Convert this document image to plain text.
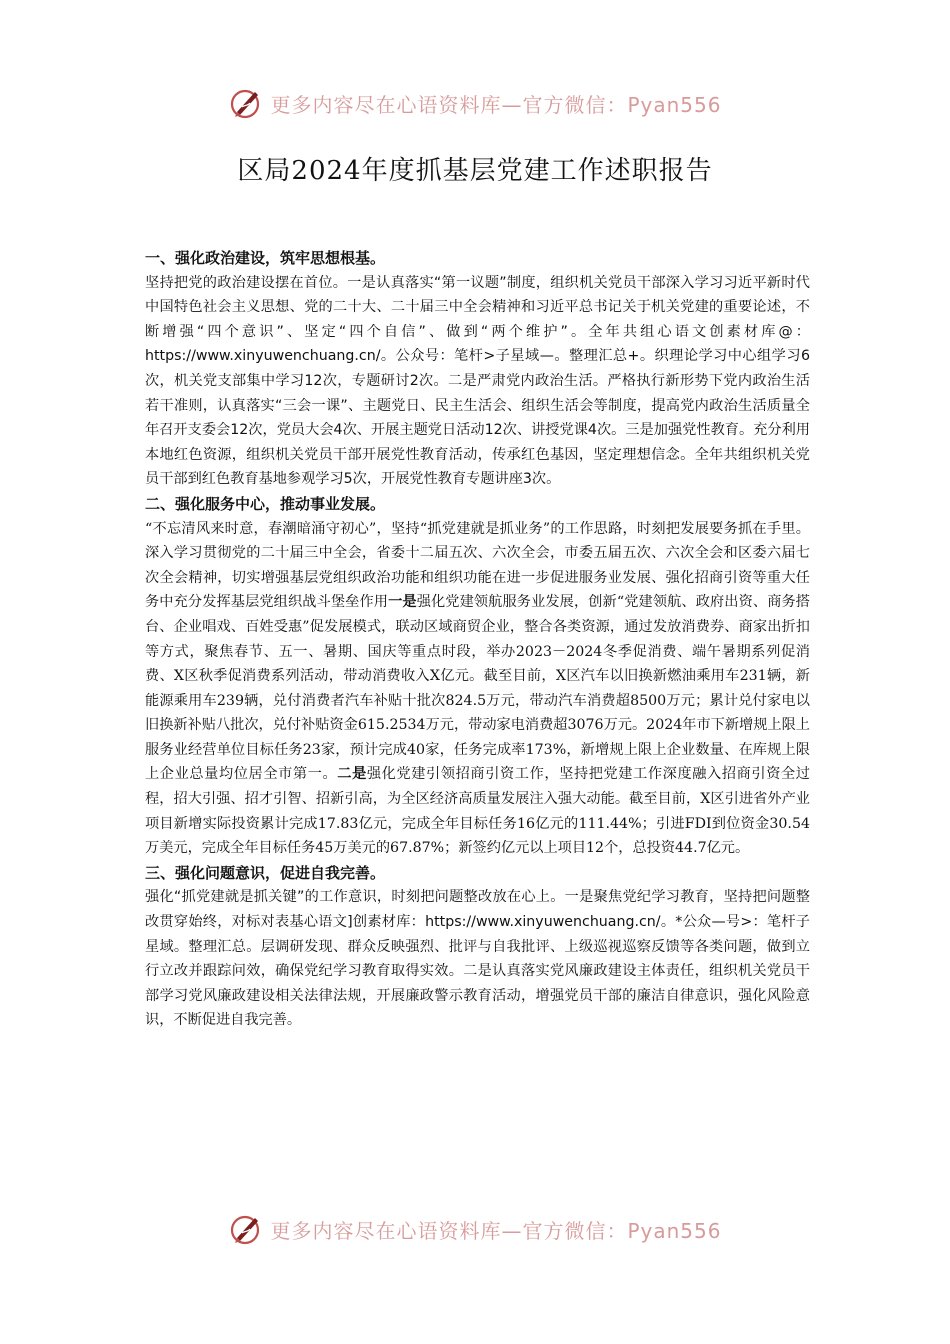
更多内容尽在心语资料库—官方微信：Pyan556
区局2024年度抓基层党建工作述职报告

一、强化政治建设，筑牢思想根基。

坚持把党的政治建设摆在首位。一是认真落实“第一议题”制度，组织机关党员干部深入学习习近平新时代中国特色社会主义思想、党的二十大、二十届三中全会精神和习近平总书记关于机关党建的重要论述，不断增强“四个意识”、坚定“四个自信”、做到“两个维护”。全年共组心语文创素材库@：https://www.xinyuwenchuang.cn/。公众号：笔杆>子星域—。整理汇总+。织理论学习中心组学习6次，机关党支部集中学习12次，专题研讨2次。二是严肃党内政治生活。严格执行新形势下党内政治生活若干准则，认真落实“三会一课”、主题党日、民主生活会、组织生活会等制度，提高党内政治生活质量全年召开支委会12次，党员大会4次、开展主题党日活动12次、讲授党课4次。三是加强党性教育。充分利用本地红色资源，组织机关党员干部开展党性教育活动，传承红色基因，坚定理想信念。全年共组织机关党员干部到红色教育基地参观学习5次，开展党性教育专题讲座3次。

二、强化服务中心，推动事业发展。

“不忘清风来时意，春潮暗涌守初心”，坚持“抓党建就是抓业务”的工作思路，时刻把发展要务抓在手里。深入学习贯彻党的二十届三中全会，省委十二届五次、六次全会，市委五届五次、六次全会和区委六届七次全会精神，切实增强基层党组织政治功能和组织功能在进一步促进服务业发展、强化招商引资等重大任务中充分发挥基层党组织战斗堡垒作用一是强化党建领航服务业发展，创新“党建领航、政府出资、商务搭台、企业唱戏、百姓受惠”促发展模式，联动区域商贸企业，整合各类资源，通过发放消费券、商家出折扣等方式，聚焦春节、五一、暑期、国庆等重点时段，举办2023－2024冬季促消费、端午暑期系列促消费、X区秋季促消费系列活动，带动消费收入X亿元。截至目前，X区汽车以旧换新燃油乘用车231辆，新能源乘用车239辆，兑付消费者汽车补贴十批次824.5万元，带动汽车消费超8500万元；累计兑付家电以旧换新补贴八批次，兑付补贴资金615.2534万元，带动家电消费超3076万元。2024年市下新增规上限上服务业经营单位目标任务23家，预计完成40家，任务完成率173%，新增规上限上企业数量、在库规上限上企业总量均位居全市第一。二是强化党建引领招商引资工作，坚持把党建工作深度融入招商引资全过程，招大引强、招才引智、招新引高，为全区经济高质量发展注入强大动能。截至目前，X区引进省外产业项目新增实际投资累计完成17.83亿元，完成全年目标任务16亿元的111.44%；引进FDI到位资金30.54万美元，完成全年目标任务45万美元的67.87%；新签约亿元以上项目12个，总投资44.7亿元。

三、强化问题意识，促进自我完善。

强化“抓党建就是抓关键”的工作意识，时刻把问题整改放在心上。一是聚焦党纪学习教育，坚持把问题整改贯穿始终，对标对表基心语文]创素材库：https://www.xinyuwenchuang.cn/。*公众—号>：笔杆子星域。整理汇总。层调研发现、群众反映强烈、批评与自我批评、上级巡视巡察反馈等各类问题，做到立行立改并跟踪问效，确保党纪学习教育取得实效。二是认真落实党风廉政建设主体责任，组织机关党员干部学习党风廉政建设相关法律法规，开展廉政警示教育活动，增强党员干部的廉洁自律意识，强化风险意识，不断促进自我完善。

更多内容尽在心语资料库—官方微信：Pyan556
